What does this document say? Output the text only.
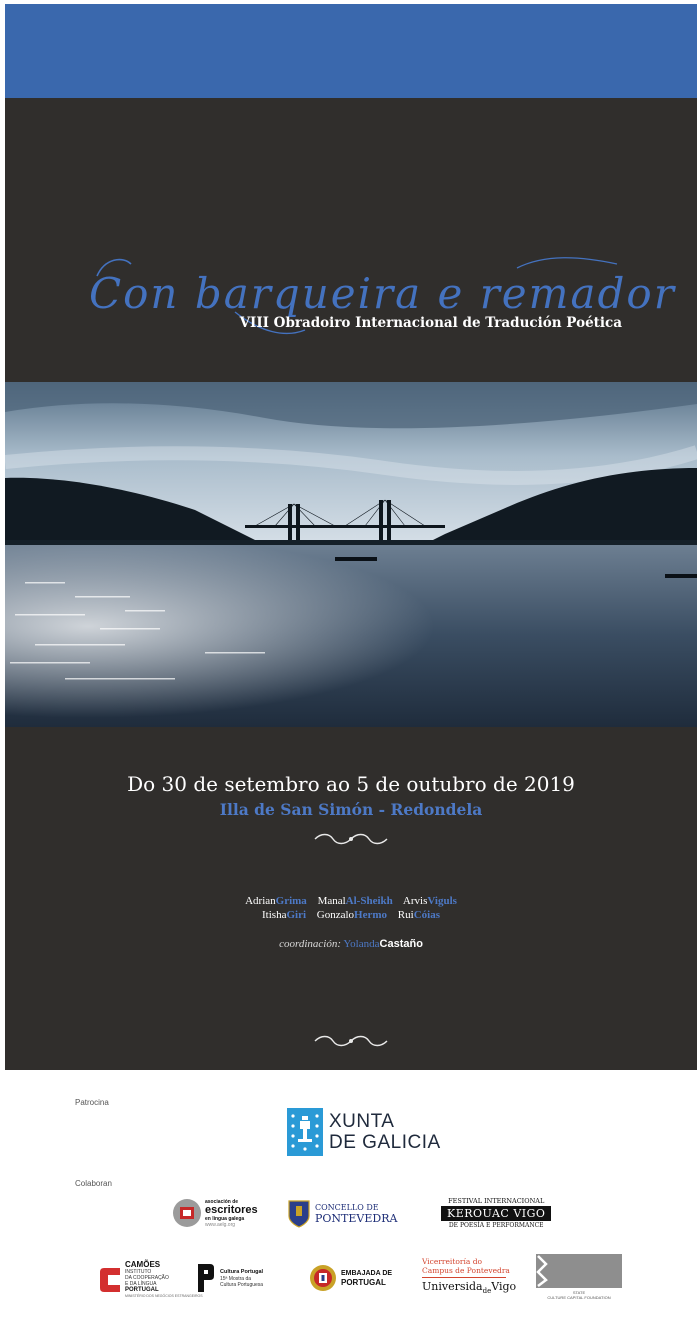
Con barqueira e remador
VIII Obradoiro Internacional de Tradución Poética
Do 30 de setembro ao 5 de outubro de 2019
Illa de San Simón - Redondela
AdrianGrima ManalAl-Sheikh ArvisViguls
ItishaGiri GonzaloHermo RuiCóias
coordinación: YolandaCastaño
Patrocina
XUNTA
DE GALICIA
Colaboran
asociación de
escritores
en lingua galega
www.aelg.org
CONCELLO DE
PONTEVEDRA
FESTIVAL INTERNACIONAL
KEROUAC VIGO
DE POESÍA E PERFORMANCE
CAMÕES
INSTITUTO
DA COOPERAÇÃO
E DA LÍNGUA
PORTUGAL
MINISTÉRIO DOS NEGÓCIOS ESTRANGEIROS
Cultura Portugal
15ª Mostra da
Cultura Portuguesa
EMBAJADA DE
PORTUGAL
Vicerreitoría do
Campus de Pontevedra
Universida$_{de}$Vigo	STATE
CULTURE CAPITAL FOUNDATION
